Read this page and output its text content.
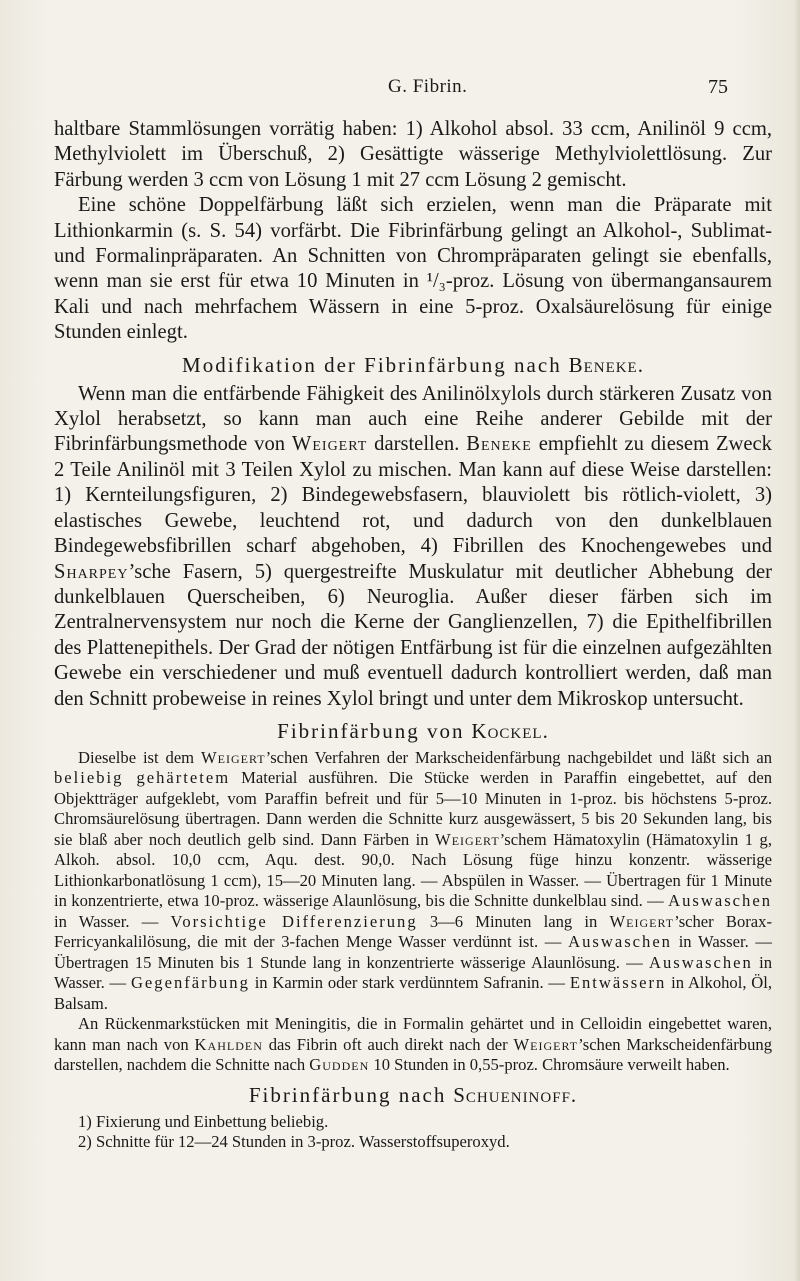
G. Fibrin.	75

haltbare Stammlösungen vorrätig haben: 1) Alkohol absol. 33 ccm, Anilinöl 9 ccm, Methylviolett im Überschuß, 2) Gesättigte wässerige Methylviolettlösung. Zur Färbung werden 3 ccm von Lösung 1 mit 27 ccm Lösung 2 gemischt.

Eine schöne Doppelfärbung läßt sich erzielen, wenn man die Präparate mit Lithionkarmin (s. S. 54) vorfärbt. Die Fibrinfärbung gelingt an Alkohol-, Sublimat- und Formalinpräparaten. An Schnitten von Chrompräparaten gelingt sie ebenfalls, wenn man sie erst für etwa 10 Minuten in ¹/₃-proz. Lösung von übermangansaurem Kali und nach mehrfachem Wässern in eine 5-proz. Oxalsäurelösung für einige Stunden einlegt.

Modifikation der Fibrinfärbung nach Beneke.

Wenn man die entfärbende Fähigkeit des Anilinölxylols durch stärkeren Zusatz von Xylol herabsetzt, so kann man auch eine Reihe anderer Gebilde mit der Fibrinfärbungsmethode von Weigert darstellen. Beneke empfiehlt zu diesem Zweck 2 Teile Anilinöl mit 3 Teilen Xylol zu mischen. Man kann auf diese Weise darstellen: 1) Kernteilungsfiguren, 2) Bindegewebsfasern, blauviolett bis rötlich-violett, 3) elastisches Gewebe, leuchtend rot, und dadurch von den dunkelblauen Bindegewebsfibrillen scharf abgehoben, 4) Fibrillen des Knochengewebes und Sharpey’sche Fasern, 5) quergestreifte Muskulatur mit deutlicher Abhebung der dunkelblauen Querscheiben, 6) Neuroglia. Außer dieser färben sich im Zentralnervensystem nur noch die Kerne der Ganglienzellen, 7) die Epithelfibrillen des Plattenepithels. Der Grad der nötigen Entfärbung ist für die einzelnen aufgezählten Gewebe ein verschiedener und muß eventuell dadurch kontrolliert werden, daß man den Schnitt probeweise in reines Xylol bringt und unter dem Mikroskop untersucht.

Fibrinfärbung von Kockel.

Dieselbe ist dem Weigert’schen Verfahren der Markscheidenfärbung nachgebildet und läßt sich an beliebig gehärtetem Material ausführen. Die Stücke werden in Paraffin eingebettet, auf den Objektträger aufgeklebt, vom Paraffin befreit und für 5—10 Minuten in 1-proz. bis höchstens 5-proz. Chromsäurelösung übertragen. Dann werden die Schnitte kurz ausgewässert, 5 bis 20 Sekunden lang, bis sie blaß aber noch deutlich gelb sind. Dann Färben in Weigert’schem Hämatoxylin (Hämatoxylin 1 g, Alkoh. absol. 10,0 ccm, Aqu. dest. 90,0. Nach Lösung füge hinzu konzentr. wässerige Lithionkarbonatlösung 1 ccm), 15—20 Minuten lang. — Abspülen in Wasser. — Übertragen für 1 Minute in konzentrierte, etwa 10-proz. wässerige Alaunlösung, bis die Schnitte dunkelblau sind. — Auswaschen in Wasser. — Vorsichtige Differenzierung 3—6 Minuten lang in Weigert’scher Borax-Ferricyankalilösung, die mit der 3-fachen Menge Wasser verdünnt ist. — Auswaschen in Wasser. — Übertragen 15 Minuten bis 1 Stunde lang in konzentrierte wässerige Alaunlösung. — Auswaschen in Wasser. — Gegenfärbung in Karmin oder stark verdünntem Safranin. — Entwässern in Alkohol, Öl, Balsam.

An Rückenmarkstücken mit Meningitis, die in Formalin gehärtet und in Celloidin eingebettet waren, kann man nach von Kahlden das Fibrin oft auch direkt nach der Weigert’schen Markscheidenfärbung darstellen, nachdem die Schnitte nach Gudden 10 Stunden in 0,55-proz. Chromsäure verweilt haben.

Fibrinfärbung nach Schueninoff.
1) Fixierung und Einbettung beliebig.
2) Schnitte für 12—24 Stunden in 3-proz. Wasserstoffsuperoxyd.
